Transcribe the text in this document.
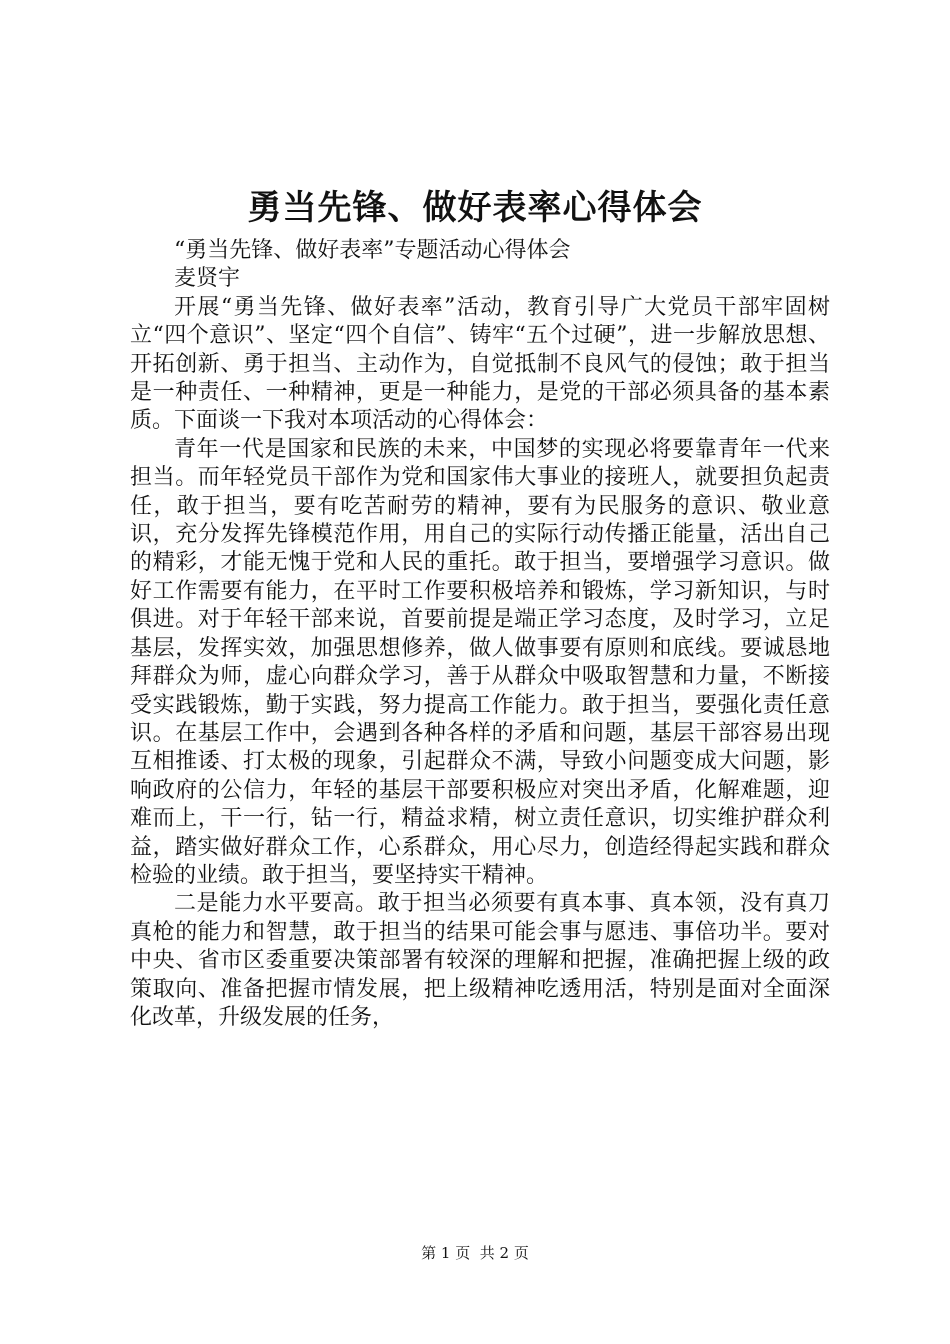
勇当先锋、做好表率心得体会

“勇当先锋、做好表率”专题活动心得体会

麦贤宇

开展“勇当先锋、做好表率”活动，教育引导广大党员干部牢固树立“四个意识”、坚定“四个自信”、铸牢“五个过硬”，进一步解放思想、开拓创新、勇于担当、主动作为，自觉抵制不良风气的侵蚀；敢于担当是一种责任、一种精神，更是一种能力，是党的干部必须具备的基本素质。下面谈一下我对本项活动的心得体会：

青年一代是国家和民族的未来，中国梦的实现必将要靠青年一代来担当。而年轻党员干部作为党和国家伟大事业的接班人，就要担负起责任，敢于担当，要有吃苦耐劳的精神，要有为民服务的意识、敬业意识，充分发挥先锋模范作用，用自己的实际行动传播正能量，活出自己的精彩，才能无愧于党和人民的重托。敢于担当，要增强学习意识。做好工作需要有能力，在平时工作要积极培养和锻炼，学习新知识，与时俱进。对于年轻干部来说，首要前提是端正学习态度，及时学习，立足基层，发挥实效，加强思想修养，做人做事要有原则和底线。要诚恳地拜群众为师，虚心向群众学习，善于从群众中吸取智慧和力量，不断接受实践锻炼，勤于实践，努力提高工作能力。敢于担当，要强化责任意识。在基层工作中，会遇到各种各样的矛盾和问题，基层干部容易出现互相推诿、打太极的现象，引起群众不满，导致小问题变成大问题，影响政府的公信力，年轻的基层干部要积极应对突出矛盾，化解难题，迎难而上，干一行，钻一行，精益求精，树立责任意识，切实维护群众利益，踏实做好群众工作，心系群众，用心尽力，创造经得起实践和群众检验的业绩。敢于担当，要坚持实干精神。

二是能力水平要高。敢于担当必须要有真本事、真本领，没有真刀真枪的能力和智慧，敢于担当的结果可能会事与愿违、事倍功半。要对中央、省市区委重要决策部署有较深的理解和把握，准确把握上级的政策取向、准备把握市情发展，把上级精神吃透用活，特别是面对全面深化改革，升级发展的任务，

第 1 页  共 2 页
